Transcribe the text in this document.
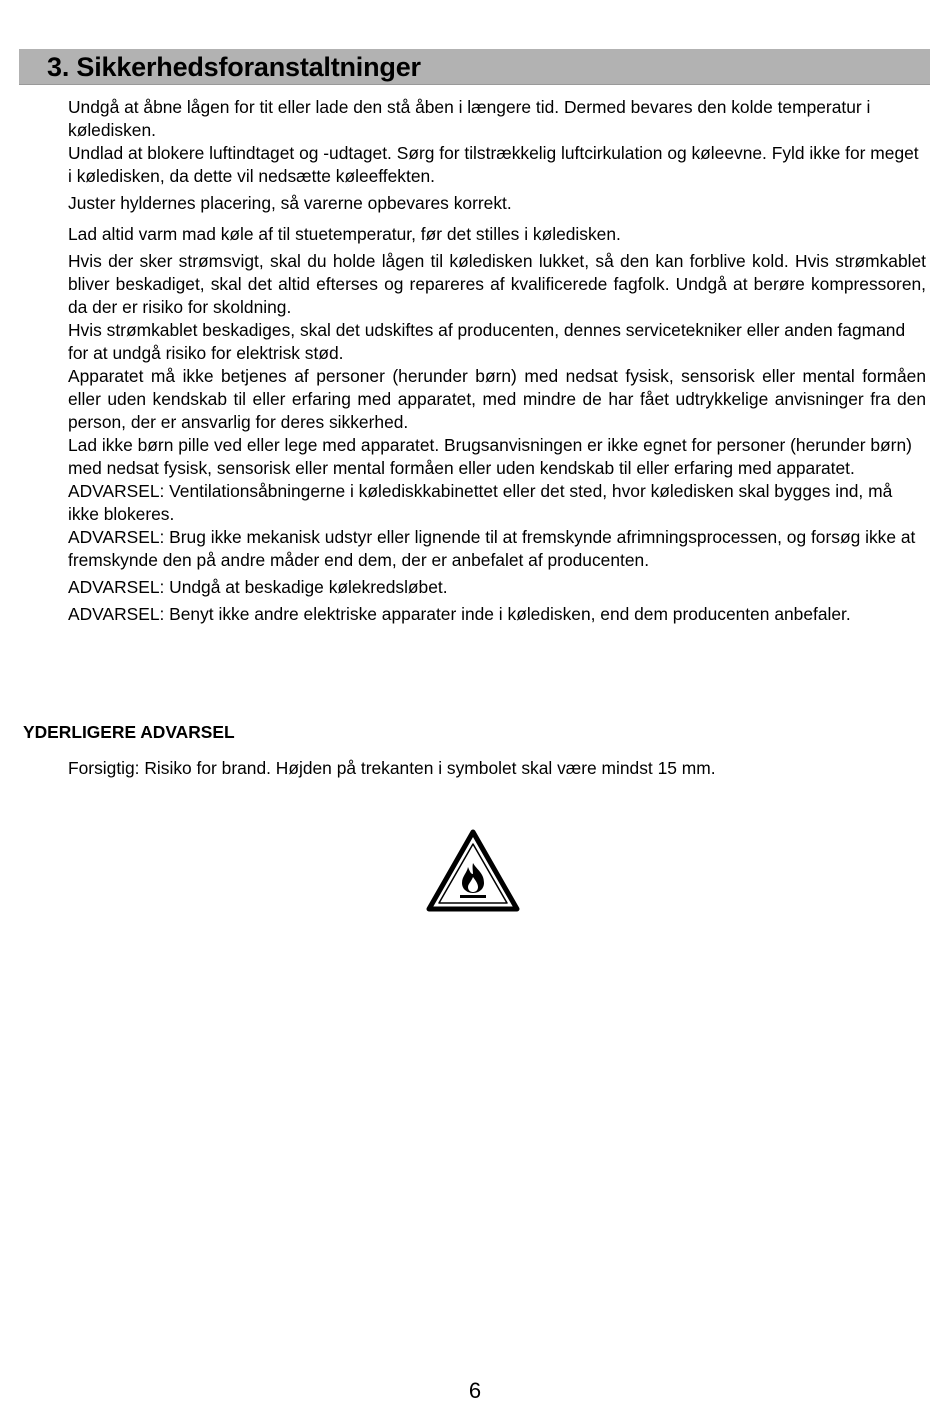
3. Sikkerhedsforanstaltninger

Undgå at åbne lågen for tit eller lade den stå åben i længere tid. Dermed bevares den kolde temperatur i køledisken.

Undlad at blokere luftindtaget og -udtaget. Sørg for tilstrækkelig luftcirkulation og køleevne. Fyld ikke for meget i køledisken, da dette vil nedsætte køleeffekten.

Juster hyldernes placering, så varerne opbevares korrekt.

Lad altid varm mad køle af til stuetemperatur, før det stilles i køledisken.

Hvis der sker strømsvigt, skal du holde lågen til køledisken lukket, så den kan forblive kold. Hvis strømkablet bliver beskadiget, skal det altid efterses og repareres af kvalificerede fagfolk. Undgå at berøre kompressoren, da der er risiko for skoldning.

Hvis strømkablet beskadiges, skal det udskiftes af producenten, dennes servicetekniker eller anden fagmand for at undgå risiko for elektrisk stød.

Apparatet må ikke betjenes af personer (herunder børn) med nedsat fysisk, sensorisk eller mental formåen eller uden kendskab til eller erfaring med apparatet, med mindre de har fået udtrykkelige anvisninger fra den person, der er ansvarlig for deres sikkerhed.

Lad ikke børn pille ved eller lege med apparatet. Brugsanvisningen er ikke egnet for personer (herunder børn) med nedsat fysisk, sensorisk eller mental formåen eller uden kendskab til eller erfaring med apparatet.

ADVARSEL: Ventilationsåbningerne i kølediskkabinettet eller det sted, hvor køledisken skal bygges ind, må ikke blokeres.

ADVARSEL: Brug ikke mekanisk udstyr eller lignende til at fremskynde afrimningsprocessen, og forsøg ikke at fremskynde den på andre måder end dem, der er anbefalet af producenten.

ADVARSEL: Undgå at beskadige kølekredsløbet.

ADVARSEL: Benyt ikke andre elektriske apparater inde i køledisken, end dem producenten anbefaler.

YDERLIGERE ADVARSEL
Forsigtig: Risiko for brand. Højden på trekanten i symbolet skal være mindst 15 mm.
6
